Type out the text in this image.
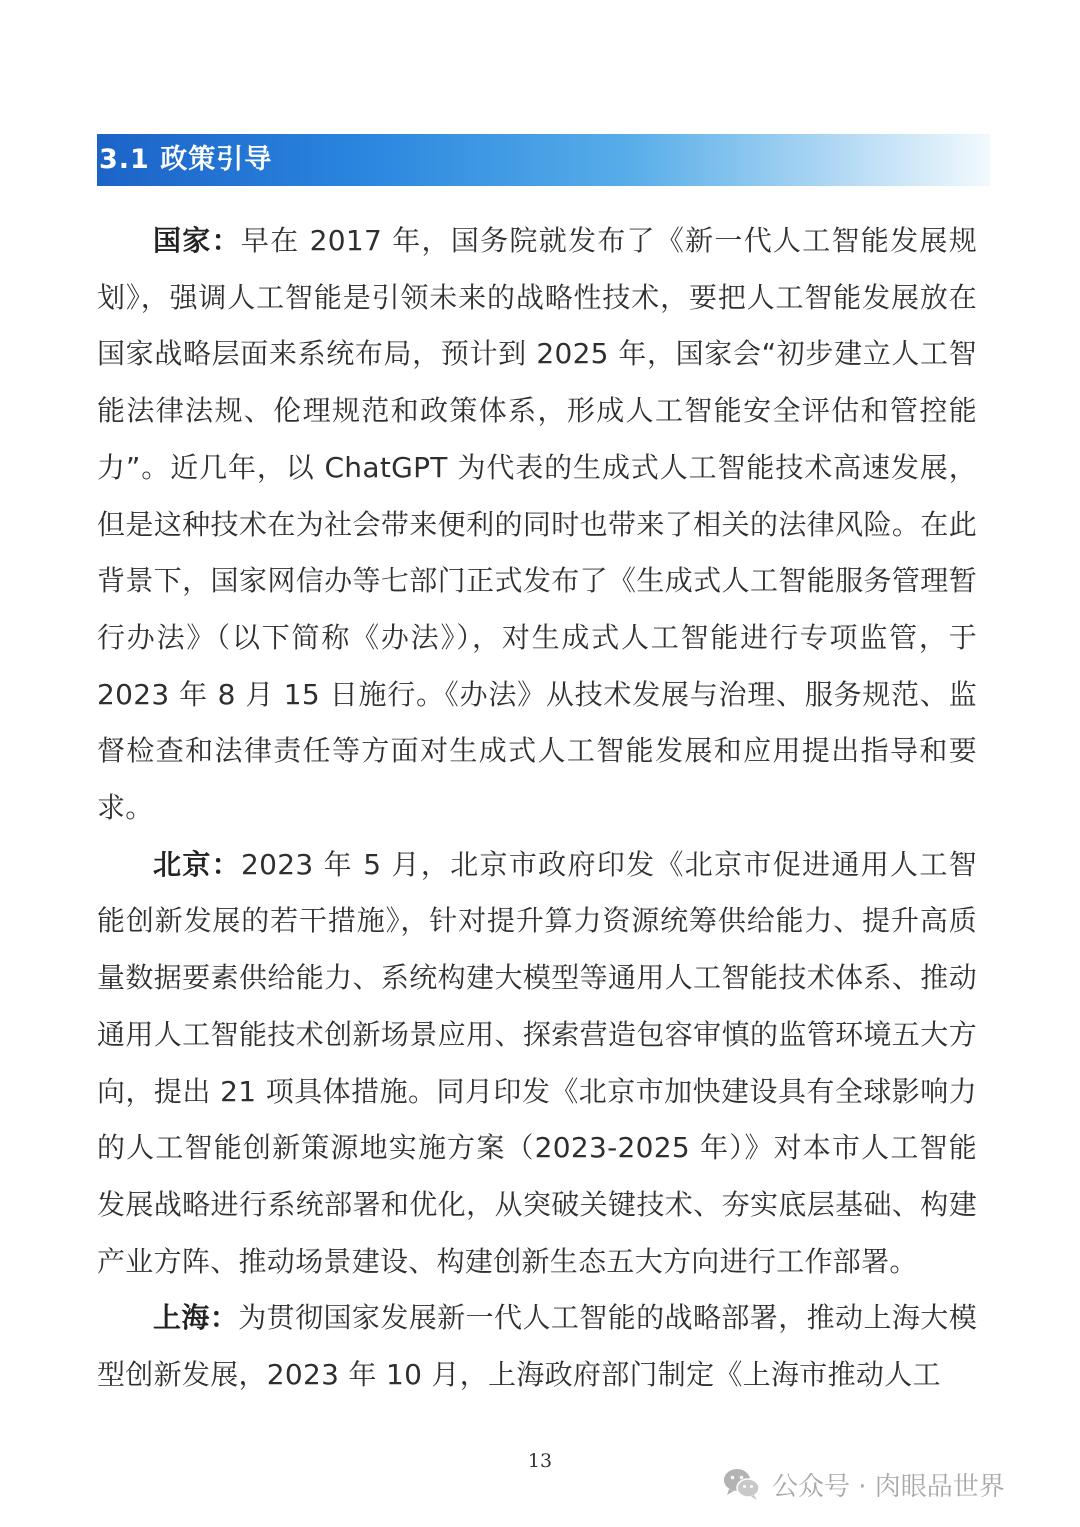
3.1 政策引导

国家：早在 2017 年，国务院就发布了《新一代人工智能发展规划》，强调人工智能是引领未来的战略性技术，要把人工智能发展放在国家战略层面来系统布局，预计到 2025 年，国家会“初步建立人工智能法律法规、伦理规范和政策体系，形成人工智能安全评估和管控能力”。近几年，以 ChatGPT 为代表的生成式人工智能技术高速发展，但是这种技术在为社会带来便利的同时也带来了相关的法律风险。在此背景下，国家网信办等七部门正式发布了《生成式人工智能服务管理暂行办法》（以下简称《办法》），对生成式人工智能进行专项监管，于 2023 年 8 月 15 日施行。《办法》从技术发展与治理、服务规范、监督检查和法律责任等方面对生成式人工智能发展和应用提出指导和要求。

北京：2023 年 5 月，北京市政府印发《北京市促进通用人工智能创新发展的若干措施》，针对提升算力资源统筹供给能力、提升高质量数据要素供给能力、系统构建大模型等通用人工智能技术体系、推动通用人工智能技术创新场景应用、探索营造包容审慎的监管环境五大方向，提出 21 项具体措施。同月印发《北京市加快建设具有全球影响力的人工智能创新策源地实施方案（2023-2025 年）》对本市人工智能发展战略进行系统部署和优化，从突破关键技术、夯实底层基础、构建产业方阵、推动场景建设、构建创新生态五大方向进行工作部署。

上海：为贯彻国家发展新一代人工智能的战略部署，推动上海大模型创新发展，2023 年 10 月，上海政府部门制定《上海市推动人工

13
公众号 · 肉眼品世界
